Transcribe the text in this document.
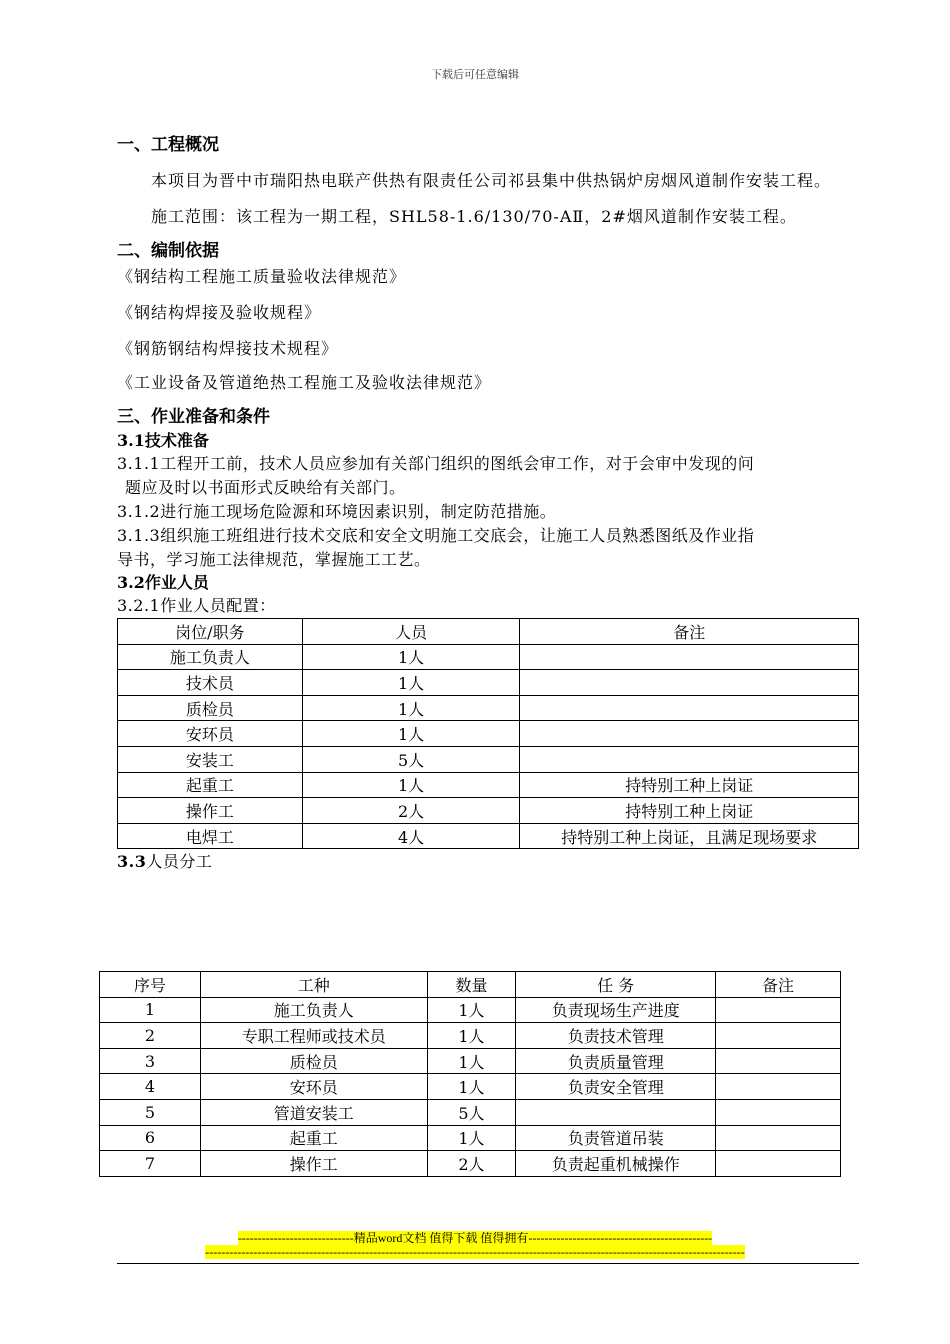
下载后可任意编辑

一、工程概况

本项目为晋中市瑞阳热电联产供热有限责任公司祁县集中供热锅炉房烟风道制作安装工程。

施工范围：该工程为一期工程，SHL58-1.6/130/70-AⅡ，2#烟风道制作安装工程。

二、编制依据

《钢结构工程施工质量验收法律规范》

《钢结构焊接及验收规程》

《钢筋钢结构焊接技术规程》

《工业设备及管道绝热工程施工及验收法律规范》

三、作业准备和条件

3.1技术准备

3.1.1工程开工前，技术人员应参加有关部门组织的图纸会审工作，对于会审中发现的问

题应及时以书面形式反映给有关部门。

3.1.2进行施工现场危险源和环境因素识别，制定防范措施。

3.1.3组织施工班组进行技术交底和安全文明施工交底会，让施工人员熟悉图纸及作业指

导书，学习施工法律规范，掌握施工工艺。

3.2作业人员

3.2.1作业人员配置：

岗位/职务	人员	备注
施工负责人	1人	
技术员	1人	
质检员	1人	
安环员	1人	
安装工	5人	
起重工	1人	持特别工种上岗证
操作工	2人	持特别工种上岗证
电焊工	4人	持特别工种上岗证，且满足现场要求

3.3人员分工

序号	工种	数量	任 务	备注
1	施工负责人	1人	负责现场生产进度	
2	专职工程师或技术员	1人	负责技术管理	
3	质检员	1人	负责质量管理	
4	安环员	1人	负责安全管理	
5	管道安装工	5人		
6	起重工	1人	负责管道吊装	
7	操作工	2人	负责起重机械操作	
-----------------------------精品word文档 值得下载 值得拥有----------------------------------------------
---------------------------------------------------------------------------------------------------------------------------------------
